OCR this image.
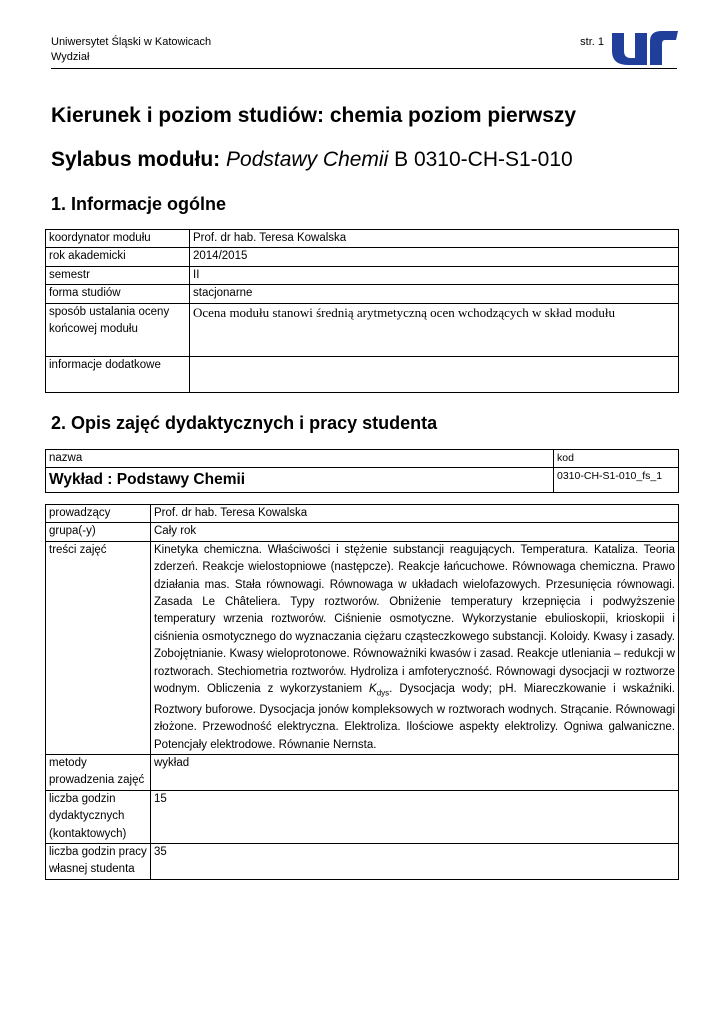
Uniwersytet Śląski w Katowicach
Wydział
str. 1
Kierunek i poziom studiów: chemia poziom pierwszy
Sylabus modułu: Podstawy Chemii B 0310-CH-S1-010
1. Informacje ogólne
koordynator modułu	Prof. dr hab. Teresa Kowalska
rok akademicki	2014/2015
semestr	II
forma studiów	stacjonarne
sposób ustalania oceny końcowej modułu	Ocena modułu stanowi średnią arytmetyczną ocen wchodzących w skład modułu
informacje dodatkowe	
2. Opis zajęć dydaktycznych i pracy studenta
nazwa	kod
Wykład : Podstawy Chemii	0310-CH-S1-010_fs_1
prowadzący	Prof. dr hab. Teresa Kowalska
grupa(-y)	Cały rok
treści zajęć	Kinetyka chemiczna. Właściwości i stężenie substancji reagujących. Temperatura. Kataliza. Teoria zderzeń. Reakcje wielostopniowe (następcze). Reakcje łańcuchowe. Równowaga chemiczna. Prawo działania mas. Stała równowagi. Równowaga w układach wielofazowych. Przesunięcia równowagi. Zasada Le Châteliera. Typy roztworów. Obniżenie temperatury krzepnięcia i podwyższenie temperatury wrzenia roztworów. Ciśnienie osmotyczne. Wykorzystanie ebulioskopii, krioskopii i ciśnienia osmotycznego do wyznaczania ciężaru cząsteczkowego substancji. Koloidy. Kwasy i zasady. Zobojętnianie. Kwasy wieloprotonowe. Równoważniki kwasów i zasad. Reakcje utleniania – redukcji w roztworach. Stechiometria roztworów. Hydroliza i amfoteryczność. Równowagi dysocjacji w roztworze wodnym. Obliczenia z wykorzystaniem $K_{dys}$. Dysocjacja wody; pH. Miareczkowanie i wskaźniki. Roztwory buforowe. Dysocjacja jonów kompleksowych w roztworach wodnych. Strącanie. Równowagi złożone. Przewodność elektryczna. Elektroliza. Ilościowe aspekty elektrolizy. Ogniwa galwaniczne. Potencjały elektrodowe. Równanie Nernsta.
metody prowadzenia zajęć	wykład
liczba godzin dydaktycznych (kontaktowych)	15
liczba godzin pracy własnej studenta	35
